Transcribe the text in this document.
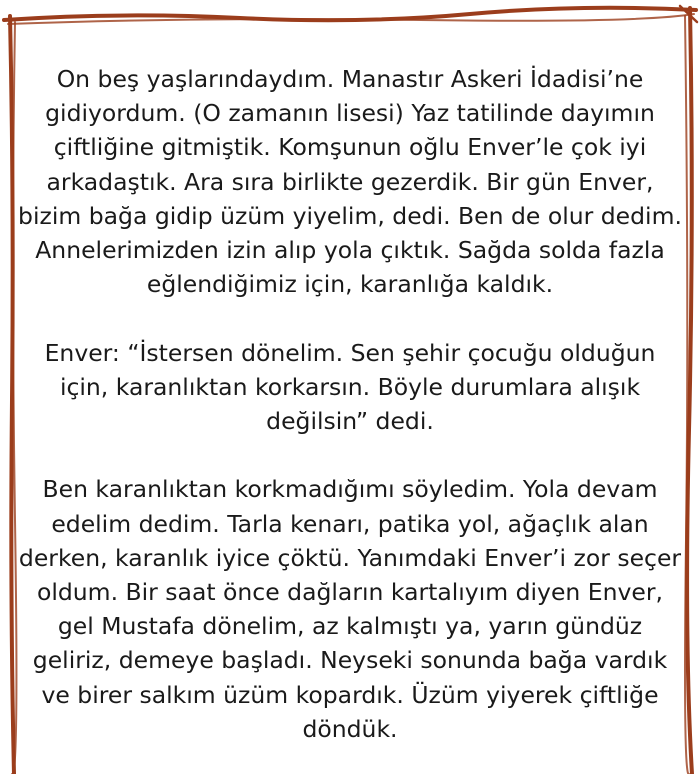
On beş yaşlarındaydım. Manastır Askeri İdadisi’ne gidiyordum. (O zamanın lisesi) Yaz tatilinde dayımın çiftliğine gitmiştik. Komşunun oğlu Enver’le çok iyi arkadaştık. Ara sıra birlikte gezerdik. Bir gün Enver, bizim bağa gidip üzüm yiyelim, dedi. Ben de olur dedim. Annelerimizden izin alıp yola çıktık. Sağda solda fazla eğlendiğimiz için, karanlığa kaldık.

Enver: “İstersen dönelim. Sen şehir çocuğu olduğun için, karanlıktan korkarsın. Böyle durumlara alışık değilsin” dedi.

Ben karanlıktan korkmadığımı söyledim. Yola devam edelim dedim. Tarla kenarı, patika yol, ağaçlık alan derken, karanlık iyice çöktü. Yanımdaki Enver’i zor seçer oldum. Bir saat önce dağların kartalıyım diyen Enver, gel Mustafa dönelim, az kalmıştı ya, yarın gündüz geliriz, demeye başladı. Neyseki sonunda bağa vardık ve birer salkım üzüm kopardık. Üzüm yiyerek çiftliğe döndük.
